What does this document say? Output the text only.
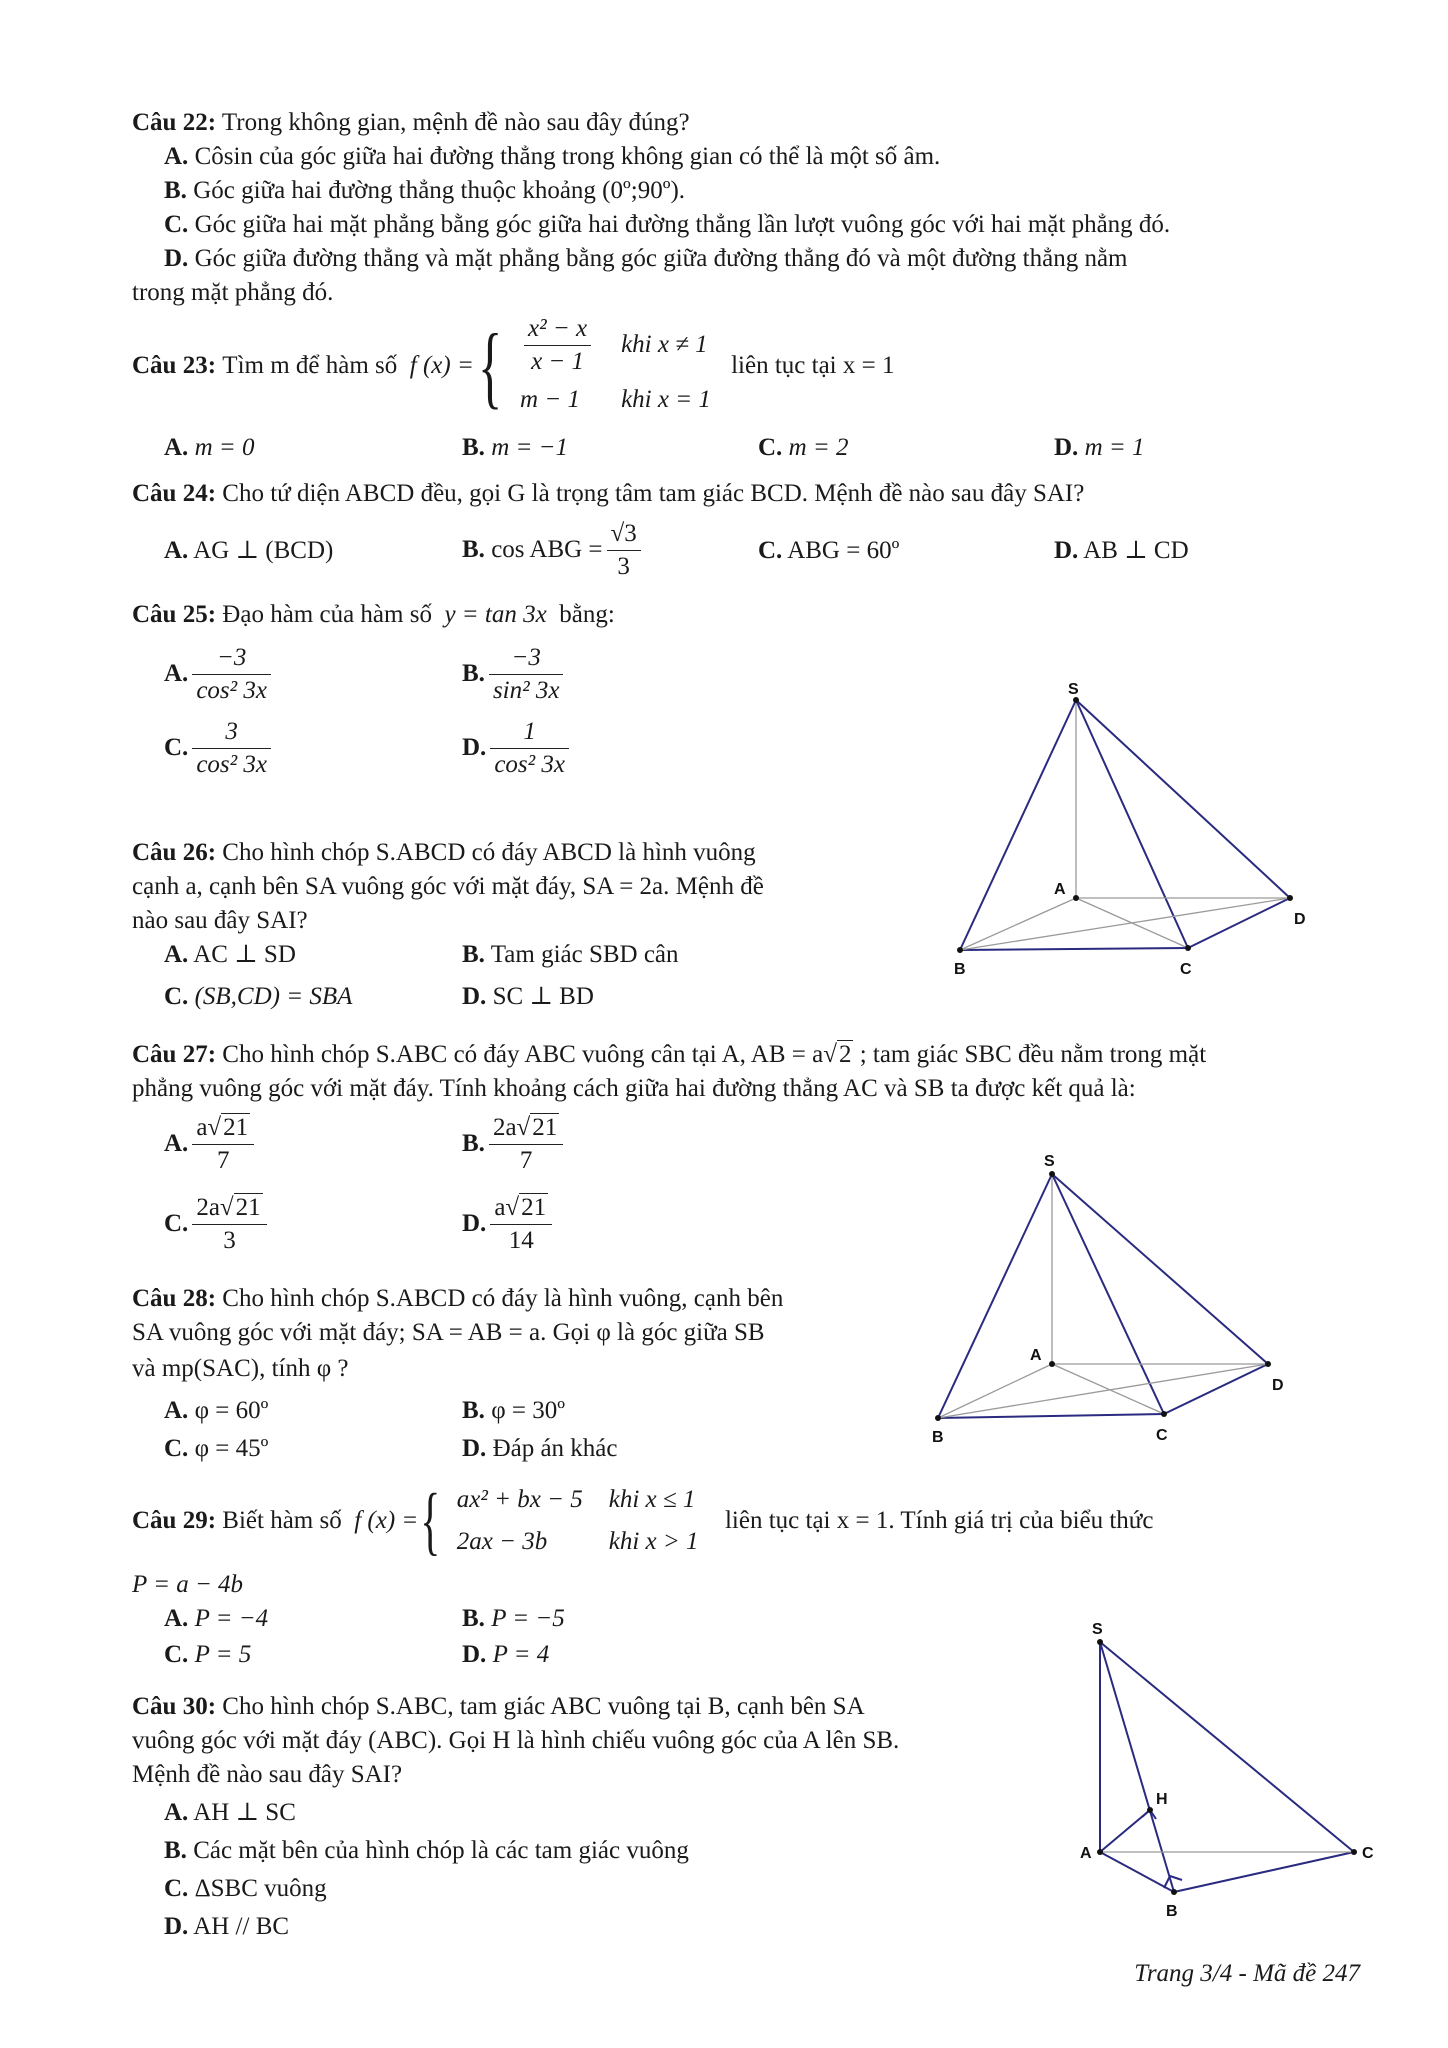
Câu 22: Trong không gian, mệnh đề nào sau đây đúng?
A. Côsin của góc giữa hai đường thẳng trong không gian có thể là một số âm.
B. Góc giữa hai đường thẳng thuộc khoảng (0º;90º).
C. Góc giữa hai mặt phẳng bằng góc giữa hai đường thẳng lần lượt vuông góc với hai mặt phẳng đó.
D. Góc giữa đường thẳng và mặt phẳng bằng góc giữa đường thẳng đó và một đường thẳng nằm
trong mặt phẳng đó.
Câu 23:
Tìm m để hàm số
f (x) = { $\frac{\text{x² − x}}{x - 1}$	khi x ≠ 1
m − 1	khi x = 1

liên tục tại x = 1
A. m = 0	B. m = −1	C. m = 2	D. m = 1
Câu 24: Cho tứ diện ABCD đều, gọi G là trọng tâm tam giác BCD. Mệnh đề nào sau đây SAI?
A. AG ⊥ (BCD)	B.
cos ABG = $\frac{√3}{3}$	C. ABG = 60º	D. AB ⊥ CD
Câu 25: Đạo hàm của hàm số y = tan 3x bằng:
A. $\frac{-3}{\text{cos² 3x}}$	B. $\frac{-3}{\text{sin² 3x}}$
C. $\frac{3}{\text{cos² 3x}}$	D. $\frac{1}{\text{cos² 3x}}$
Câu 26: Cho hình chóp S.ABCD có đáy ABCD là hình vuông
cạnh a, cạnh bên SA vuông góc với mặt đáy, SA = 2a. Mệnh đề
nào sau đây SAI?
A. AC ⊥ SD	B. Tam giác SBD cân
C. (SB,CD) = SBA	D. SC ⊥ BD
S
A
B	C
D
Câu 27: Cho hình chóp S.ABC có đáy ABC vuông cân tại A, AB = a√2 ; tam giác SBC đều nằm trong mặt
phẳng vuông góc với mặt đáy. Tính khoảng cách giữa hai đường thẳng AC và SB ta được kết quả là:
A. $\frac{a√21}{7}$	B. $\frac{2a√21}{7}$
C. $\frac{2a√21}{3}$	D. $\frac{a√21}{14}$
Câu 28: Cho hình chóp S.ABCD có đáy là hình vuông, cạnh bên
SA vuông góc với mặt đáy; SA = AB = a. Gọi φ là góc giữa SB
và mp(SAC), tính φ ?
A. φ = 60º	B. φ = 30º
C. φ = 45º	D. Đáp án khác
S
A
B	C
D
Câu 29:
Biết hàm số
f (x) = { ax² + bx − 5	khi x ≤ 1
2ax − 3b	khi x > 1

liên tục tại x = 1. Tính giá trị của biểu thức
P = a − 4b
A. P = −4	B. P = −5
C. P = 5	D. P = 4
Câu 30: Cho hình chóp S.ABC, tam giác ABC vuông tại B, cạnh bên SA
vuông góc với mặt đáy (ABC). Gọi H là hình chiếu vuông góc của A lên SB.
Mệnh đề nào sau đây SAI?
A. AH ⊥ SC
B. Các mặt bên của hình chóp là các tam giác vuông
C. ΔSBC vuông
D. AH // BC
S
H
A
B
C
Trang 3/4 - Mã đề 247
